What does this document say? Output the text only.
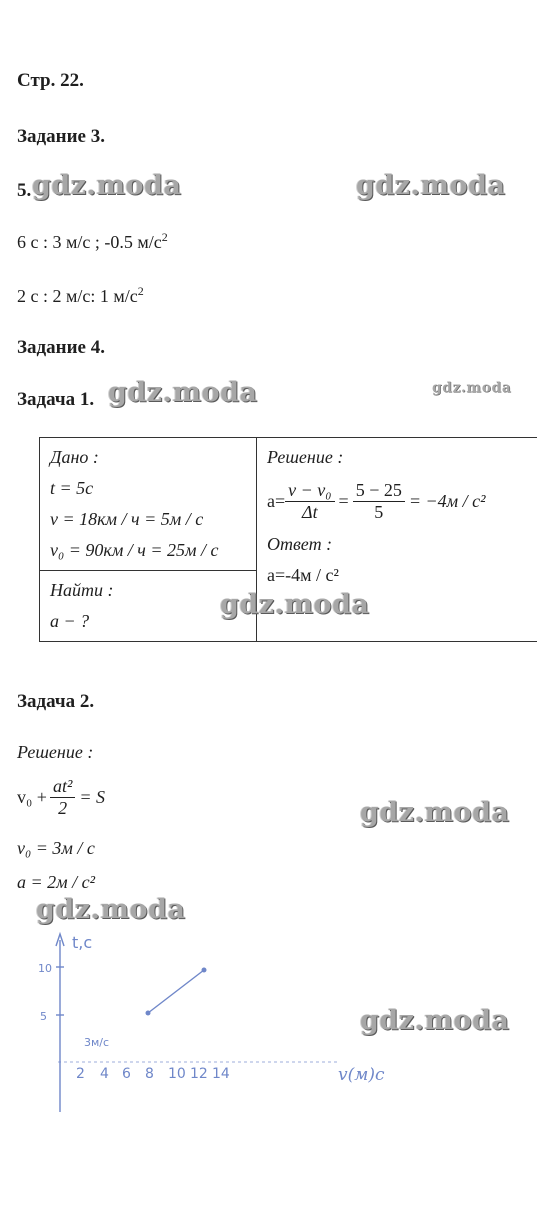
Стр. 22.
Задание 3.
5. gdz.moda	gdz.moda
6 с : 3 м/с ; -0.5 $м/с^2$
2 с : 2 м/с: 1 $м/с^2$
Задание 4.
Задача 1. gdz.moda	gdz.moda
Дано :
t = 5c
v = 18км / ч = 5м / с
v₀ = 90км / ч = 25м / с

Решение :
$a= \frac{\text{v − v₀}}{\Delta t} = \frac{5 - 25}{5} = -4м / с^2$
Ответ :
a=-4м / с²

Найти :
a − ?
gdz.moda
Задача 2.
Решение :
$v_0 + \frac{\text{at²}}{2} = S$
v₀ = 3м / с
a = 2м / с²
gdz.moda
gdz.moda
gdz.moda
t,c
10
5
3м/с
2 4 6 8 10 12 14	v(м)c
